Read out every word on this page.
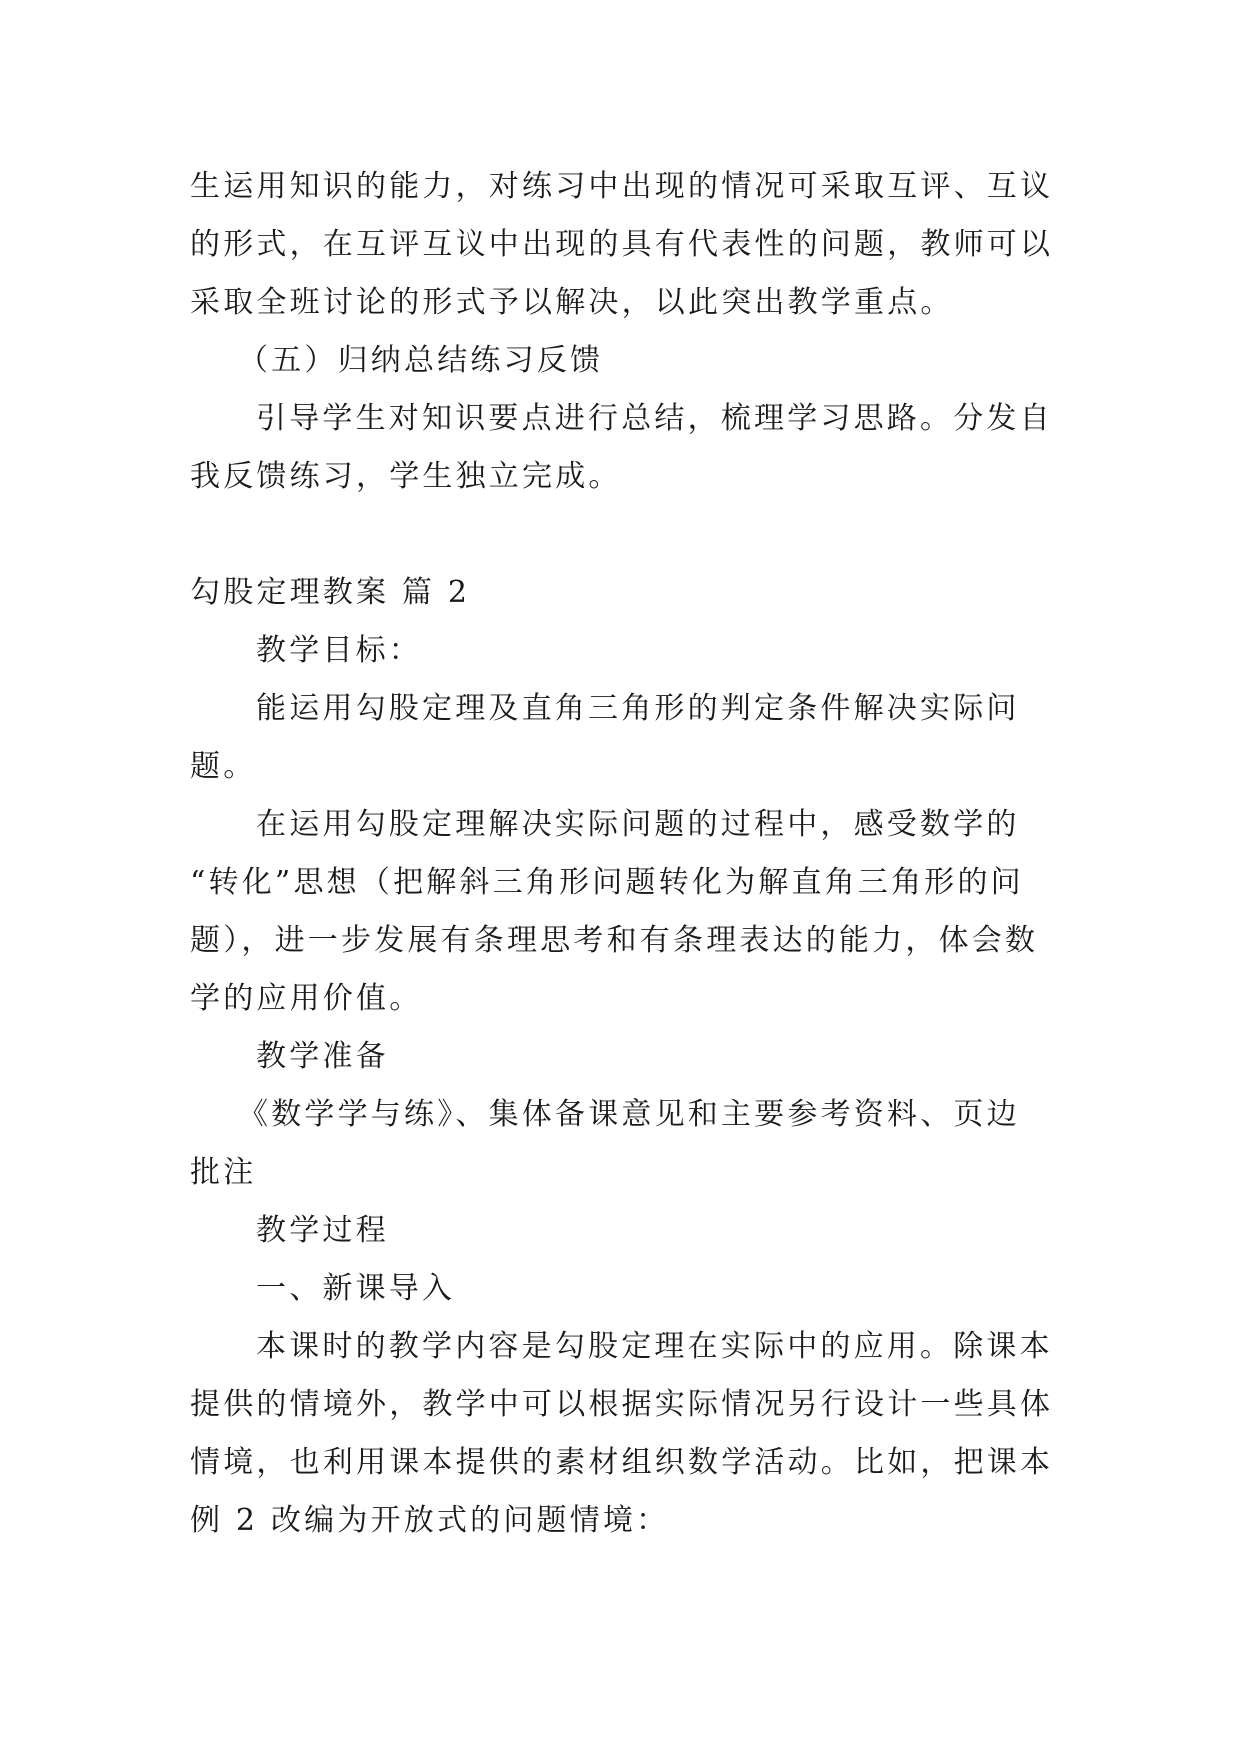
生运用知识的能力，对练习中出现的情况可采取互评、互议
的形式，在互评互议中出现的具有代表性的问题，教师可以
采取全班讨论的形式予以解决，以此突出教学重点。
（五）归纳总结练习反馈
引导学生对知识要点进行总结，梳理学习思路。分发自
我反馈练习，学生独立完成。
勾股定理教案 篇 2
教学目标：
能运用勾股定理及直角三角形的判定条件解决实际问
题。
在运用勾股定理解决实际问题的过程中，感受数学的
“转化”思想（把解斜三角形问题转化为解直角三角形的问
题），进一步发展有条理思考和有条理表达的能力，体会数
学的应用价值。
教学准备
《数学学与练》、集体备课意见和主要参考资料、页边
批注
教学过程
一、新课导入
本课时的教学内容是勾股定理在实际中的应用。除课本
提供的情境外，教学中可以根据实际情况另行设计一些具体
情境，也利用课本提供的素材组织数学活动。比如，把课本
例 2 改编为开放式的问题情境：
